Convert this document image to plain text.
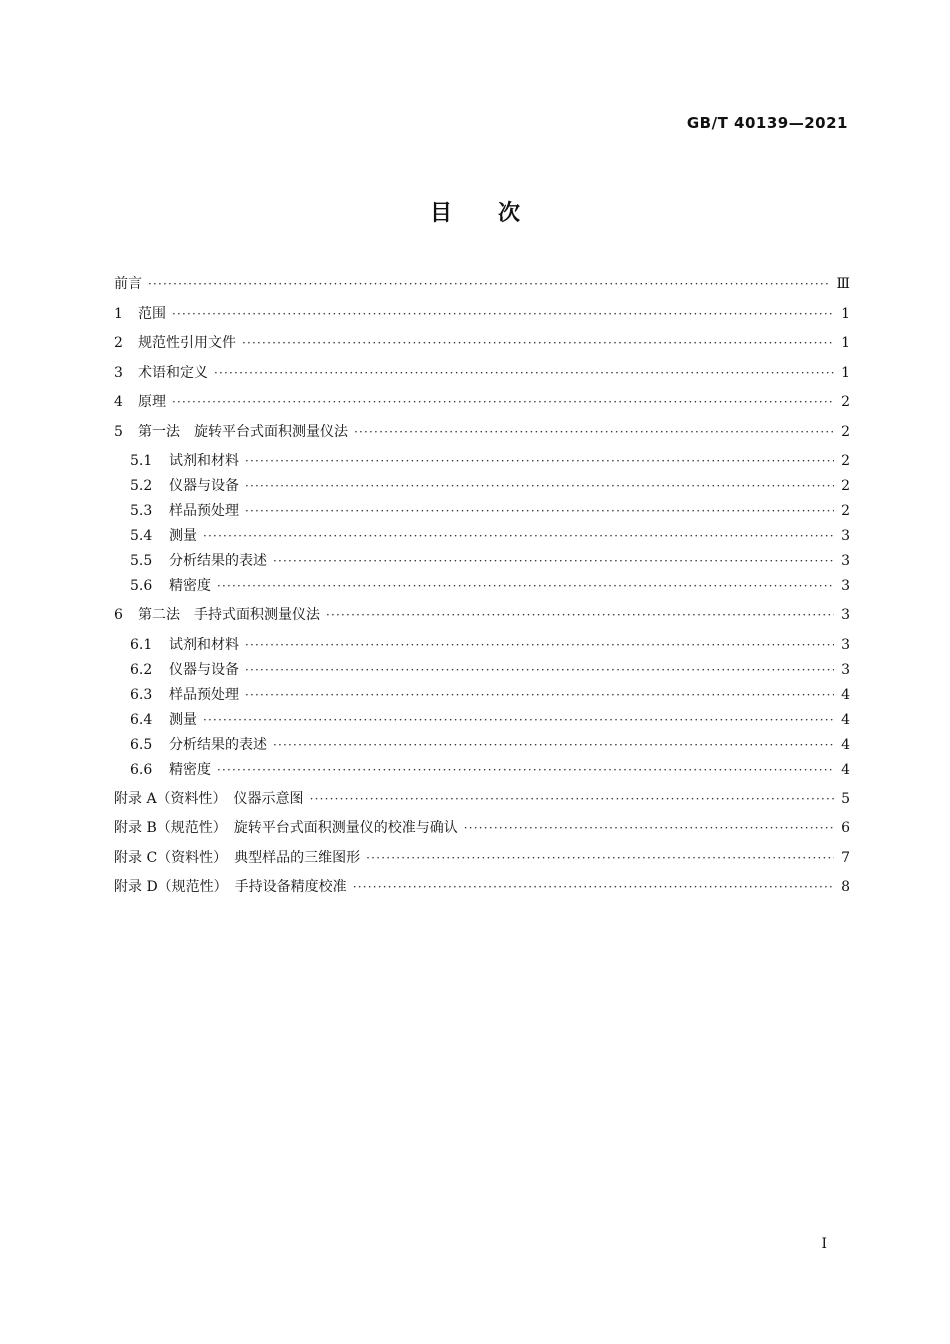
GB/T 40139—2021
目次
前言 ·····	Ⅲ
1	范围 ·····	1
2	规范性引用文件 ·····	1
3	术语和定义 ·····	1
4	原理 ·····	2
5	第一法　旋转平台式面积测量仪法 ·····	2
5.1	试剂和材料 ·····	2
5.2	仪器与设备 ·····	2
5.3	样品预处理 ·····	2
5.4	测量 ·····	3
5.5	分析结果的表述 ·····	3
5.6	精密度 ·····	3
6	第二法　手持式面积测量仪法 ·····	3
6.1	试剂和材料 ·····	3
6.2	仪器与设备 ·····	3
6.3	样品预处理 ·····	4
6.4	测量 ·····	4
6.5	分析结果的表述 ·····	4
6.6	精密度 ·····	4
附录 A（资料性）　仪器示意图 ·····	5
附录 B（规范性）　旋转平台式面积测量仪的校准与确认 ·····	6
附录 C（资料性）　典型样品的三维图形 ·····	7
附录 D（规范性）　手持设备精度校准 ·····	8
Ⅰ
